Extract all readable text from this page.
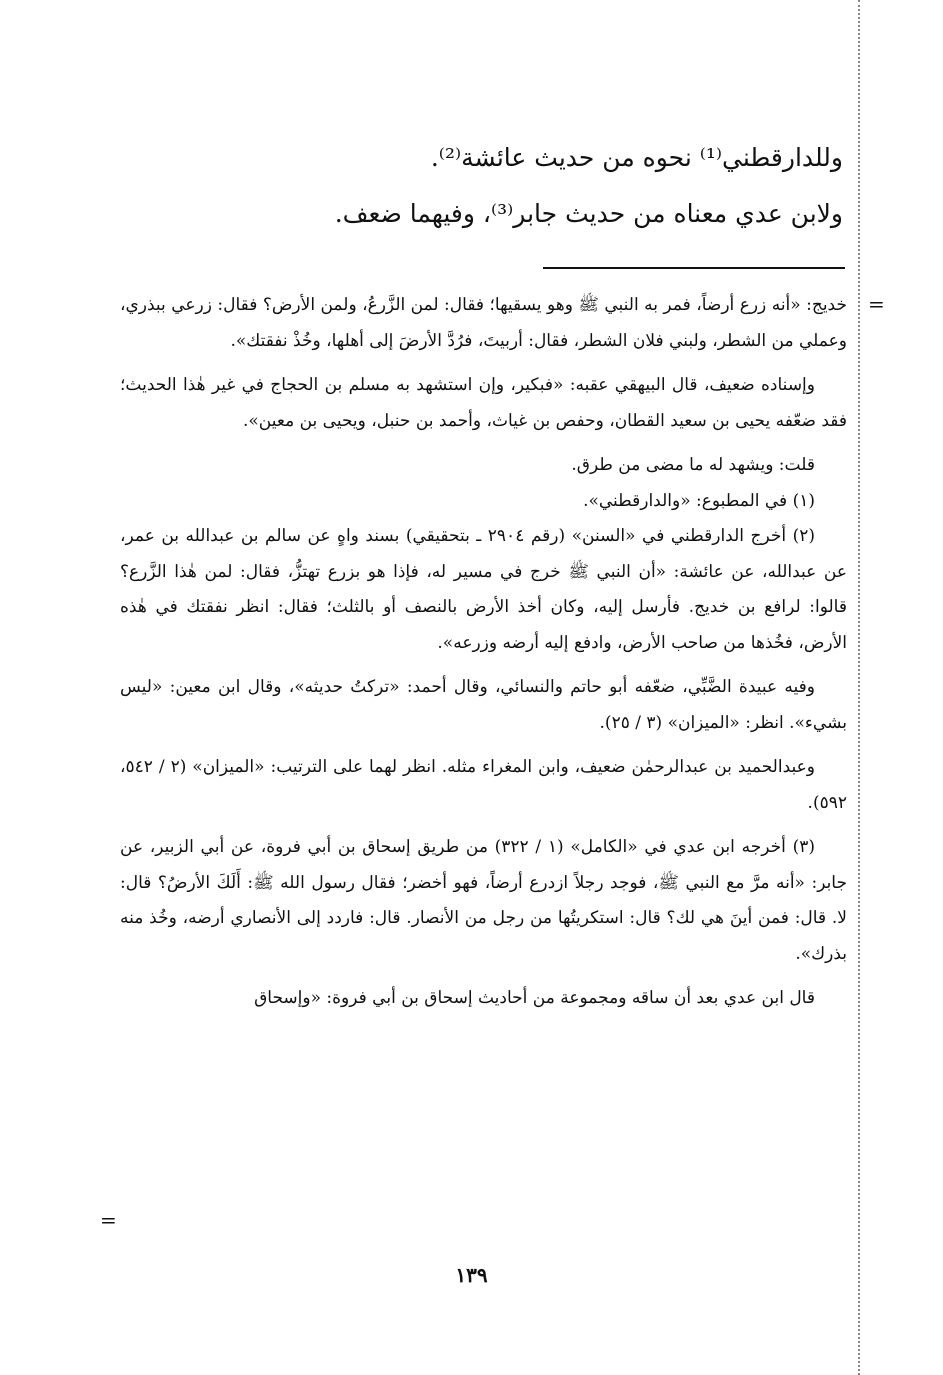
وللدارقطني⁽¹⁾ نحوه من حديث عائشة⁽²⁾.

ولابن عدي معناه من حديث جابر⁽³⁾، وفيهما ضعف.

=

خديج: «أنه زرع أرضاً، فمر به النبي ﷺ وهو يسقيها؛ فقال: لمن الزَّرعُ، ولمن الأرض؟ فقال: زرعي ببذري، وعملي من الشطر، ولبني فلان الشطر، فقال: أربيتَ، فرُدَّ الأرضَ إلى أهلها، وخُذْ نفقتك».

وإسناده ضعيف، قال البيهقي عقبه: «فبكير، وإن استشهد به مسلم بن الحجاج في غير هٰذا الحديث؛ فقد ضعّفه يحيى بن سعيد القطان، وحفص بن غياث، وأحمد بن حنبل، ويحيى بن معين».

قلت: ويشهد له ما مضى من طرق.

(١) في المطبوع: «والدارقطني».

(٢) أخرج الدارقطني في «السنن» (رقم ٢٩٠٤ ـ بتحقيقي) بسند واهٍ عن سالم بن عبدالله بن عمر، عن عبدالله، عن عائشة: «أن النبي ﷺ خرج في مسير له، فإذا هو بزرع تهتزُّ، فقال: لمن هٰذا الزَّرع؟ قالوا: لرافع بن خديج. فأرسل إليه، وكان أخذ الأرض بالنصف أو بالثلث؛ فقال: انظر نفقتك في هٰذه الأرض، فخُذها من صاحب الأرض، وادفع إليه أرضه وزرعه».

وفيه عبيدة الضَّبِّي، ضعّفه أبو حاتم والنسائي، وقال أحمد: «تركتُ حديثه»، وقال ابن معين: «ليس بشيء». انظر: «الميزان» (٣ / ٢٥).

وعبدالحميد بن عبدالرحمٰن ضعيف، وابن المغراء مثله. انظر لهما على الترتيب: «الميزان» (٢ / ٥٤٢، ٥٩٢).

(٣) أخرجه ابن عدي في «الكامل» (١ / ٣٢٢) من طريق إسحاق بن أبي فروة، عن أبي الزبير، عن جابر: «أنه مرَّ مع النبي ﷺ، فوجد رجلاً ازدرع أرضاً، فهو أخضر؛ فقال رسول الله ﷺ: أَلَكَ الأرضُ؟ قال: لا. قال: فمن أينَ هي لك؟ قال: استكريتُها من رجل من الأنصار. قال: فاردد إلى الأنصاري أرضه، وخُذ منه بذرك».

قال ابن عدي بعد أن ساقه ومجموعة من أحاديث إسحاق بن أبي فروة: «وإسحاق

=
١٣٩
